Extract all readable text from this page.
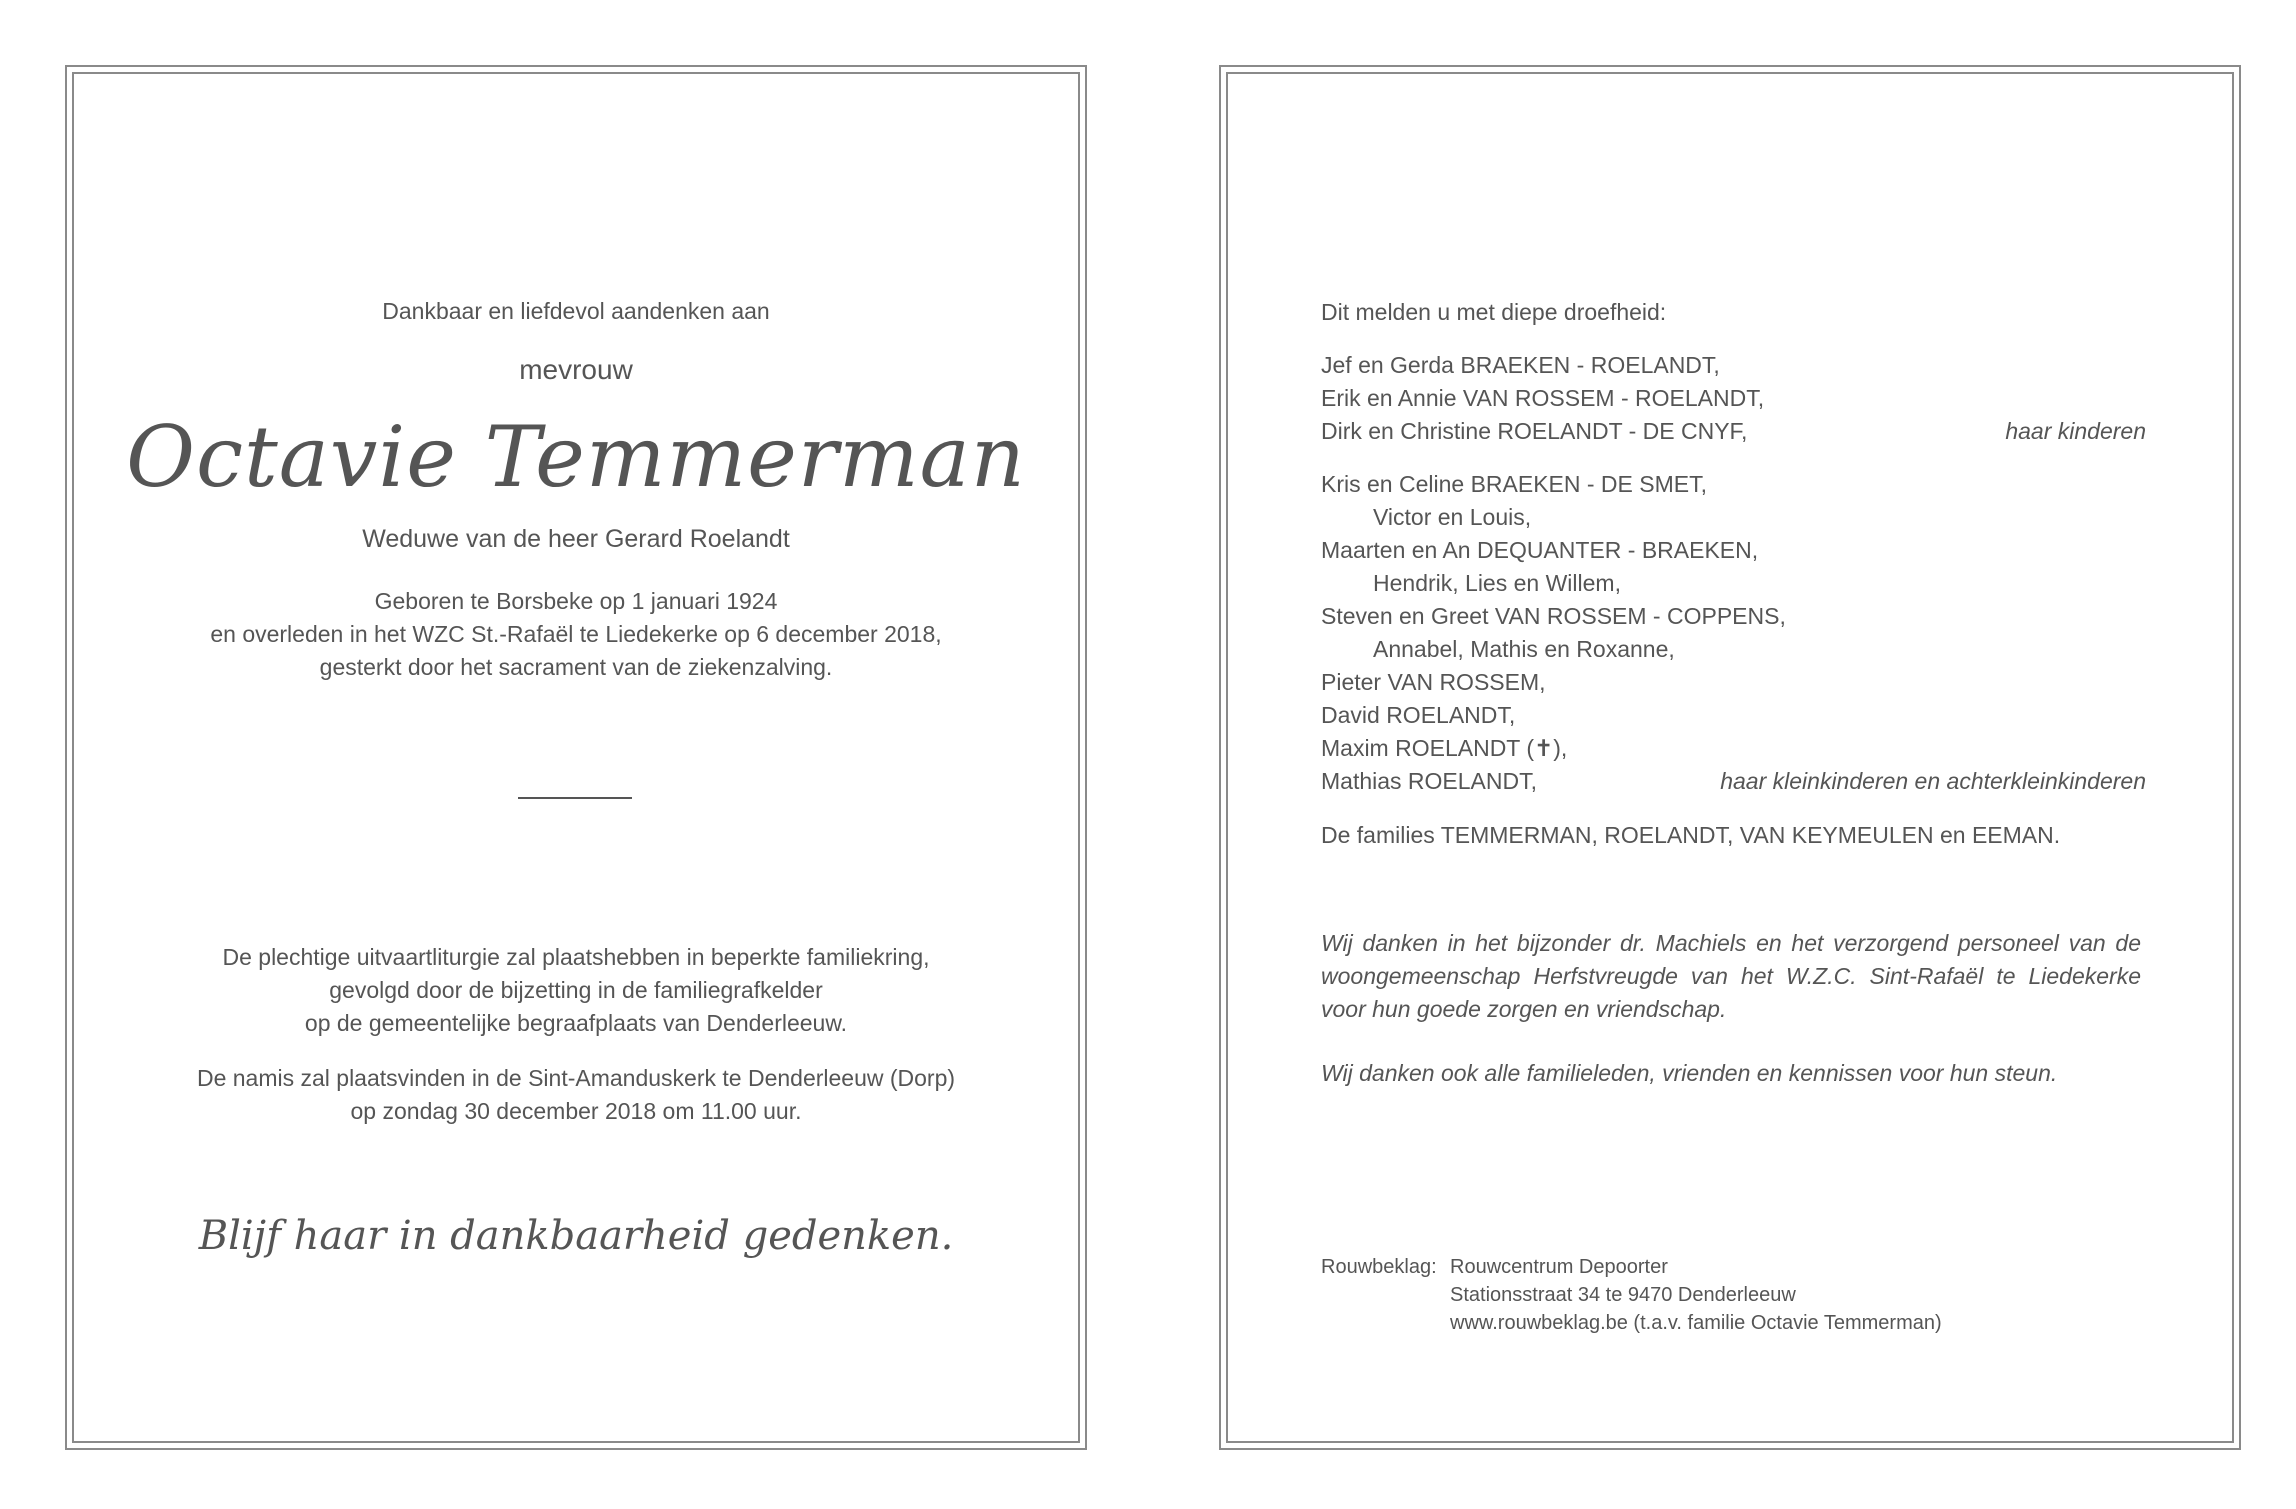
Dankbaar en liefdevol aandenken aan
mevrouw
Octavie Temmerman
Weduwe van de heer Gerard Roelandt
Geboren te Borsbeke op 1 januari 1924
en overleden in het WZC St.-Rafaël te Liedekerke op 6 december 2018,
gesterkt door het sacrament van de ziekenzalving.
De plechtige uitvaartliturgie zal plaatshebben in beperkte familiekring,
gevolgd door de bijzetting in de familiegrafkelder
op de gemeentelijke begraafplaats van Denderleeuw.
De namis zal plaatsvinden in de Sint-Amanduskerk te Denderleeuw (Dorp)
op zondag 30 december 2018 om 11.00 uur.
Blijf haar in dankbaarheid gedenken.
Dit melden u met diepe droefheid:
Jef en Gerda BRAEKEN - ROELANDT,
Erik en Annie VAN ROSSEM - ROELANDT,
Dirk en Christine ROELANDT - DE CNYF,	haar kinderen
Kris en Celine BRAEKEN - DE SMET,
Victor en Louis,
Maarten en An DEQUANTER - BRAEKEN,
Hendrik, Lies en Willem,
Steven en Greet VAN ROSSEM - COPPENS,
Annabel, Mathis en Roxanne,
Pieter VAN ROSSEM,
David ROELANDT,
Maxim ROELANDT (✝),
Mathias ROELANDT,	haar kleinkinderen en achterkleinkinderen
De families TEMMERMAN, ROELANDT, VAN KEYMEULEN en EEMAN.
Wij danken in het bijzonder dr. Machiels en het verzorgend personeel van de woongemeenschap Herfstvreugde van het W.Z.C. Sint-Rafaël te Liedekerke voor hun goede zorgen en vriendschap.
Wij danken ook alle familieleden, vrienden en kennissen voor hun steun.
Rouwbeklag: Rouwcentrum Depoorter
Stationsstraat 34 te 9470 Denderleeuw
www.rouwbeklag.be (t.a.v. familie Octavie Temmerman)
